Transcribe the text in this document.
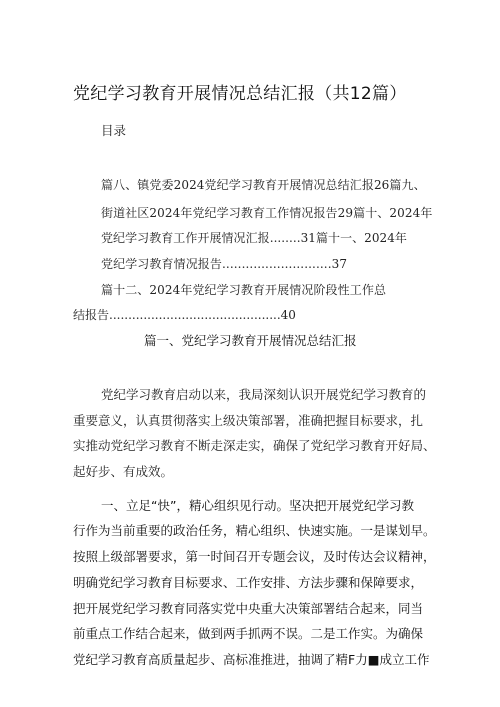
党纪学习教育开展情况总结汇报（共12篇）
目录
篇八、镇党委2024党纪学习教育开展情况总结汇报26篇九、
街道社区2024年党纪学习教育工作情况报告29篇十、2024年
党纪学习教育工作开展情况汇报........31篇十一、2024年
党纪学习教育情况报告............................37
篇十二、2024年党纪学习教育开展情况阶段性工作总
结报告.............................................40
篇一、党纪学习教育开展情况总结汇报
党纪学习教育启动以来，我局深刻认识开展党纪学习教育的
重要意义，认真贯彻落实上级决策部署，准确把握目标要求，扎
实推动党纪学习教育不断走深走实，确保了党纪学习教育开好局、
起好步、有成效。
一、立足“快”，精心组织见行动。坚决把开展党纪学习教
行作为当前重要的政治任务，精心组织、快速实施。一是谋划早。
按照上级部署要求，第一时间召开专题会议，及时传达会议精神，
明确党纪学习教育目标要求、工作安排、方法步骤和保障要求，
把开展党纪学习教育同落实党中央重大决策部署结合起来，同当
前重点工作结合起来，做到两手抓两不误。二是工作实。为确保
党纪学习教育高质量起步、高标准推进，抽调了精F力■成立工作
